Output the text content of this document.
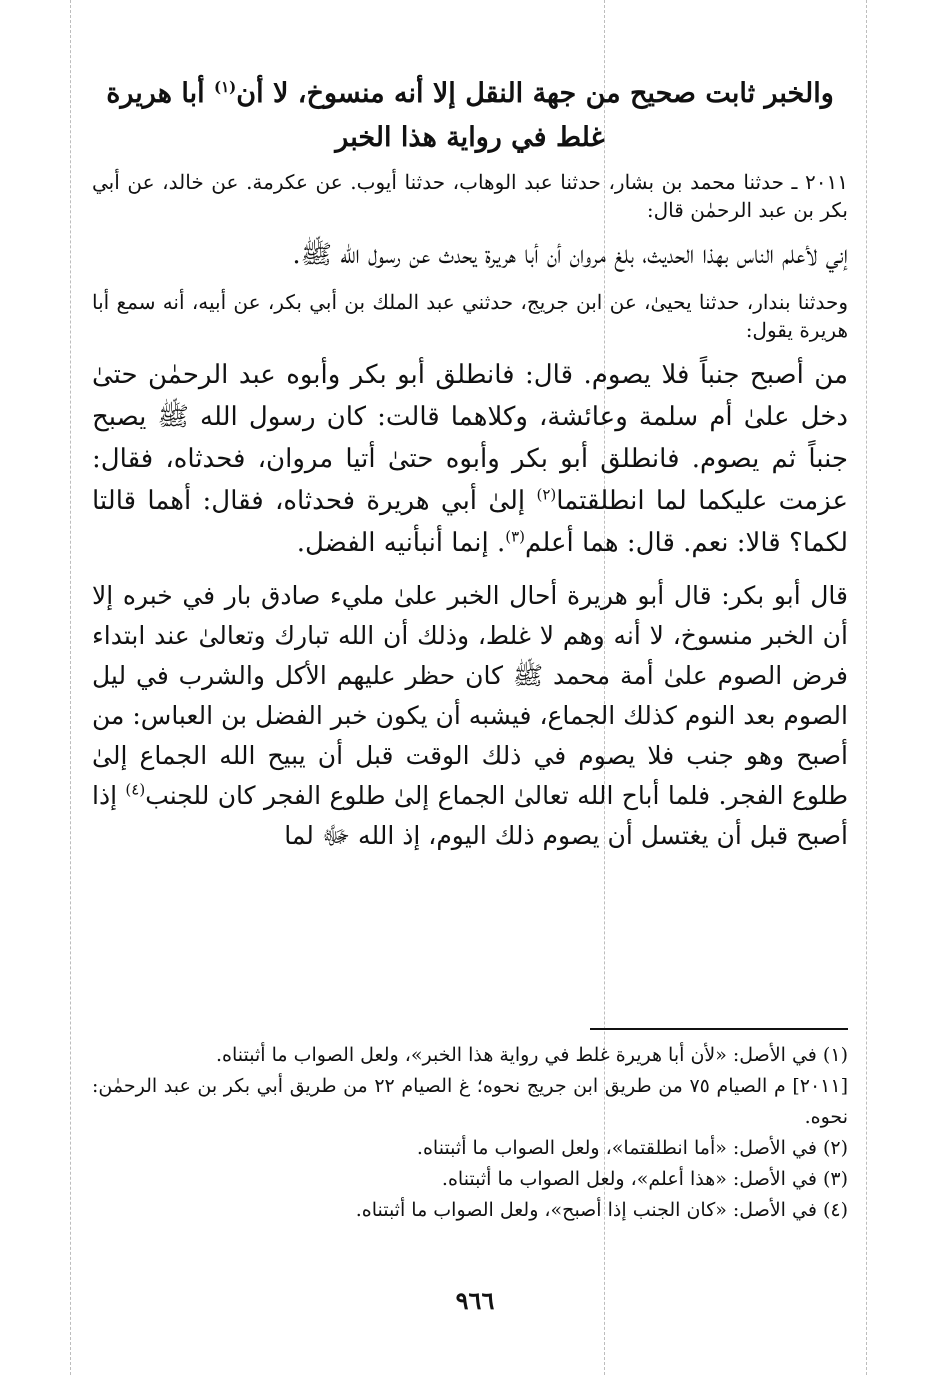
والخبر ثابت صحيح من جهة النقل إلا أنه منسوخ، لا أن$^{(١)}$ أبا هريرة
غلط في رواية هذا الخبر

٢٠١١ ـ حدثنا محمد بن بشار، حدثنا عبد الوهاب، حدثنا أيوب. عن عكرمة. عن خالد، عن أبي بكر بن عبد الرحمٰن قال:

إني لأعلم الناس بهذا الحديث، بلغ مروان أن أبا هريرة يحدث عن رسول الله ﷺ.

وحدثنا بندار، حدثنا يحيىٰ، عن ابن جريج، حدثني عبد الملك بن أبي بكر، عن أبيه، أنه سمع أبا هريرة يقول:

من أصبح جنباً فلا يصوم. قال: فانطلق أبو بكر وأبوه عبد الرحمٰن حتىٰ دخل علىٰ أم سلمة وعائشة، وكلاهما قالت: كان رسول الله ﷺ يصبح جنباً ثم يصوم. فانطلق أبو بكر وأبوه حتىٰ أتيا مروان، فحدثاه، فقال: عزمت عليكما لما انطلقتما$^{(٢)}$ إلىٰ أبي هريرة فحدثاه، فقال: أهما قالتا لكما؟ قالا: نعم. قال: هما أعلم$^{(٣)}$. إنما أنبأنيه الفضل.

قال أبو بكر: قال أبو هريرة أحال الخبر علىٰ مليء صادق بار في خبره إلا أن الخبر منسوخ، لا أنه وهم لا غلط، وذلك أن الله تبارك وتعالىٰ عند ابتداء فرض الصوم علىٰ أمة محمد ﷺ كان حظر عليهم الأكل والشرب في ليل الصوم بعد النوم كذلك الجماع، فيشبه أن يكون خبر الفضل بن العباس: من أصبح وهو جنب فلا يصوم في ذلك الوقت قبل أن يبيح الله الجماع إلىٰ طلوع الفجر. فلما أباح الله تعالىٰ الجماع إلىٰ طلوع الفجر كان للجنب$^{(٤)}$ إذا أصبح قبل أن يغتسل أن يصوم ذلك اليوم، إذ الله ﷻ لما

(١) في الأصل: «لأن أبا هريرة غلط في رواية هذا الخبر»، ولعل الصواب ما أثبتناه.

[٢٠١١] م الصيام ٧٥ من طريق ابن جريج نحوه؛ غ الصيام ٢٢ من طريق أبي بكر بن عبد الرحمٰن: نحوه.

(٢) في الأصل: «أما انطلقتما»، ولعل الصواب ما أثبتناه.

(٣) في الأصل: «هذا أعلم»، ولعل الصواب ما أثبتناه.

(٤) في الأصل: «كان الجنب إذا أصبح»، ولعل الصواب ما أثبتناه.

٩٦٦
